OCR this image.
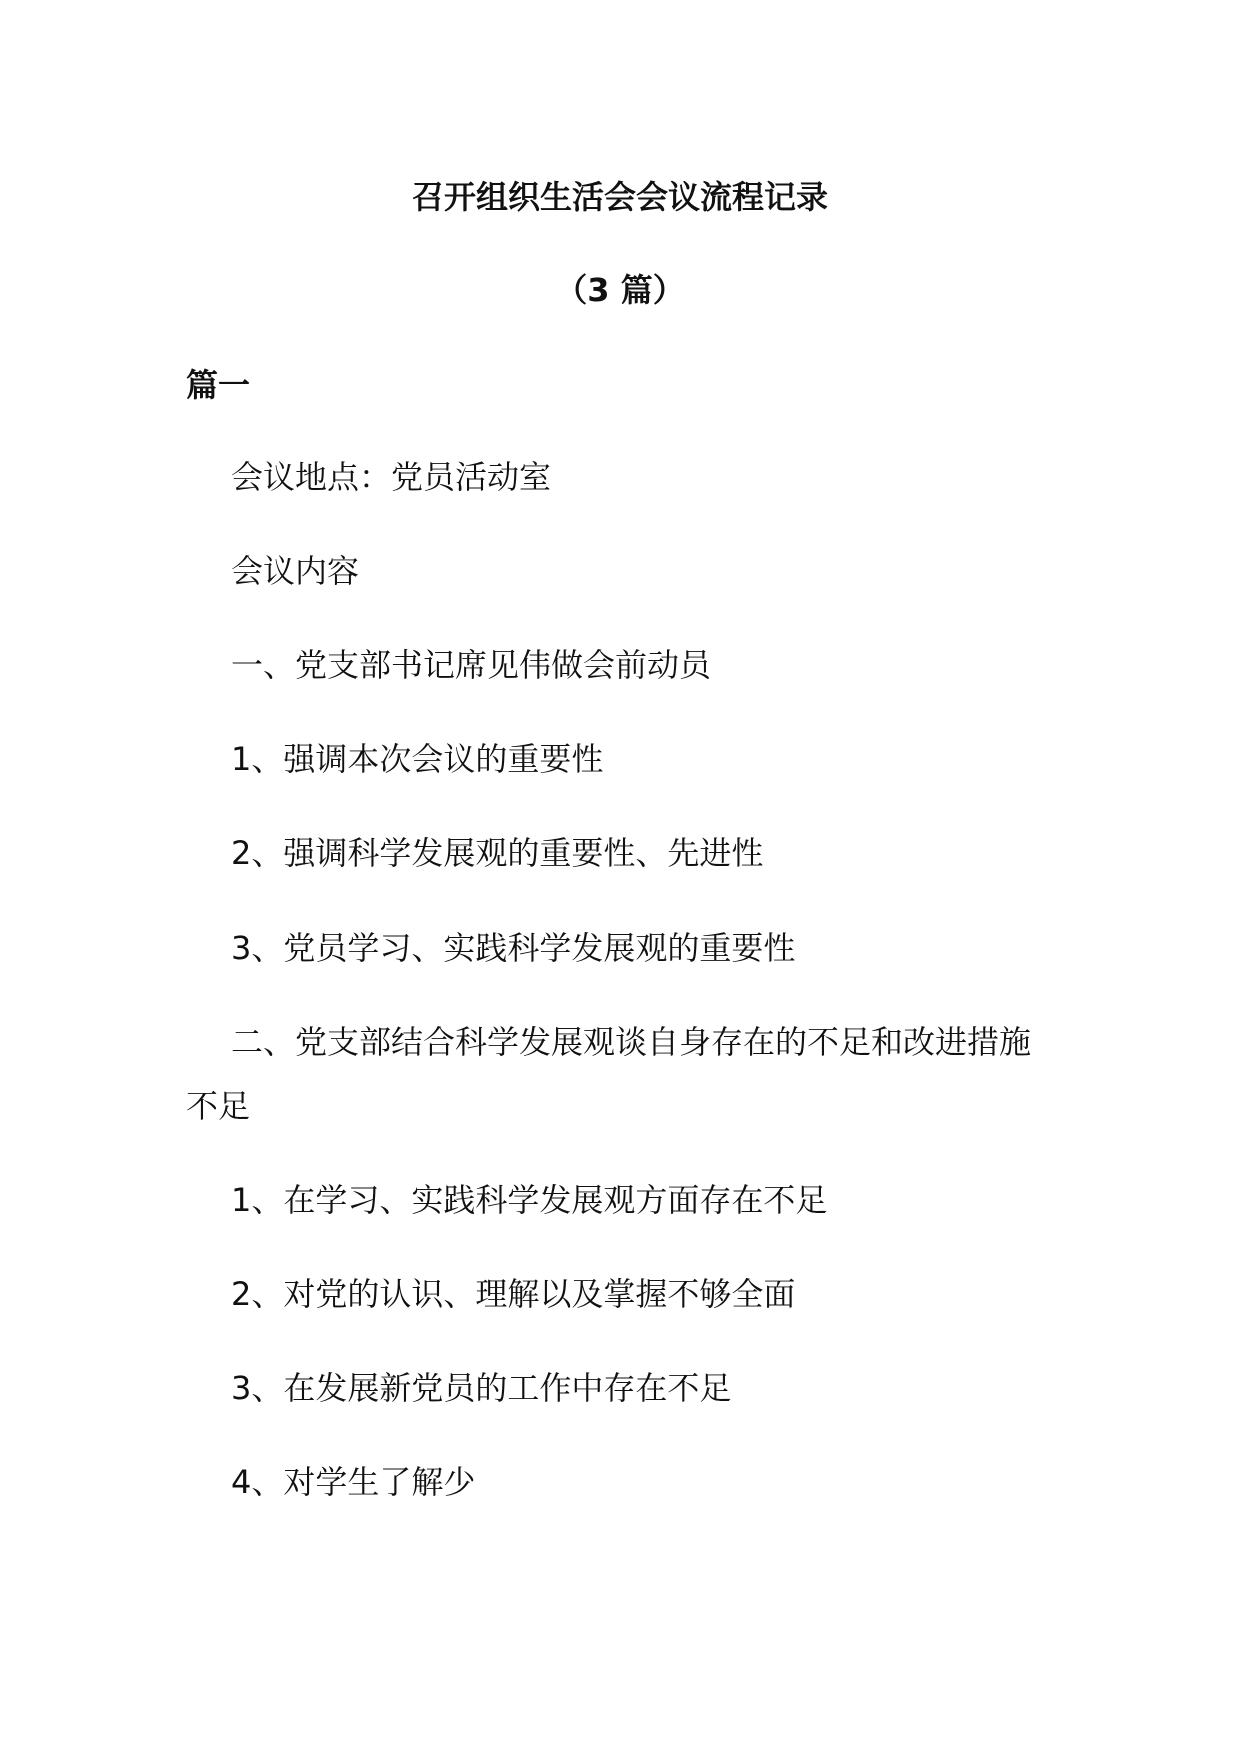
召开组织生活会会议流程记录
（3 篇）
篇一

会议地点：党员活动室

会议内容

一、党支部书记席见伟做会前动员

1、强调本次会议的重要性

2、强调科学发展观的重要性、先进性

3、党员学习、实践科学发展观的重要性

二、党支部结合科学发展观谈自身存在的不足和改进措施不足

1、在学习、实践科学发展观方面存在不足

2、对党的认识、理解以及掌握不够全面

3、在发展新党员的工作中存在不足

4、对学生了解少
